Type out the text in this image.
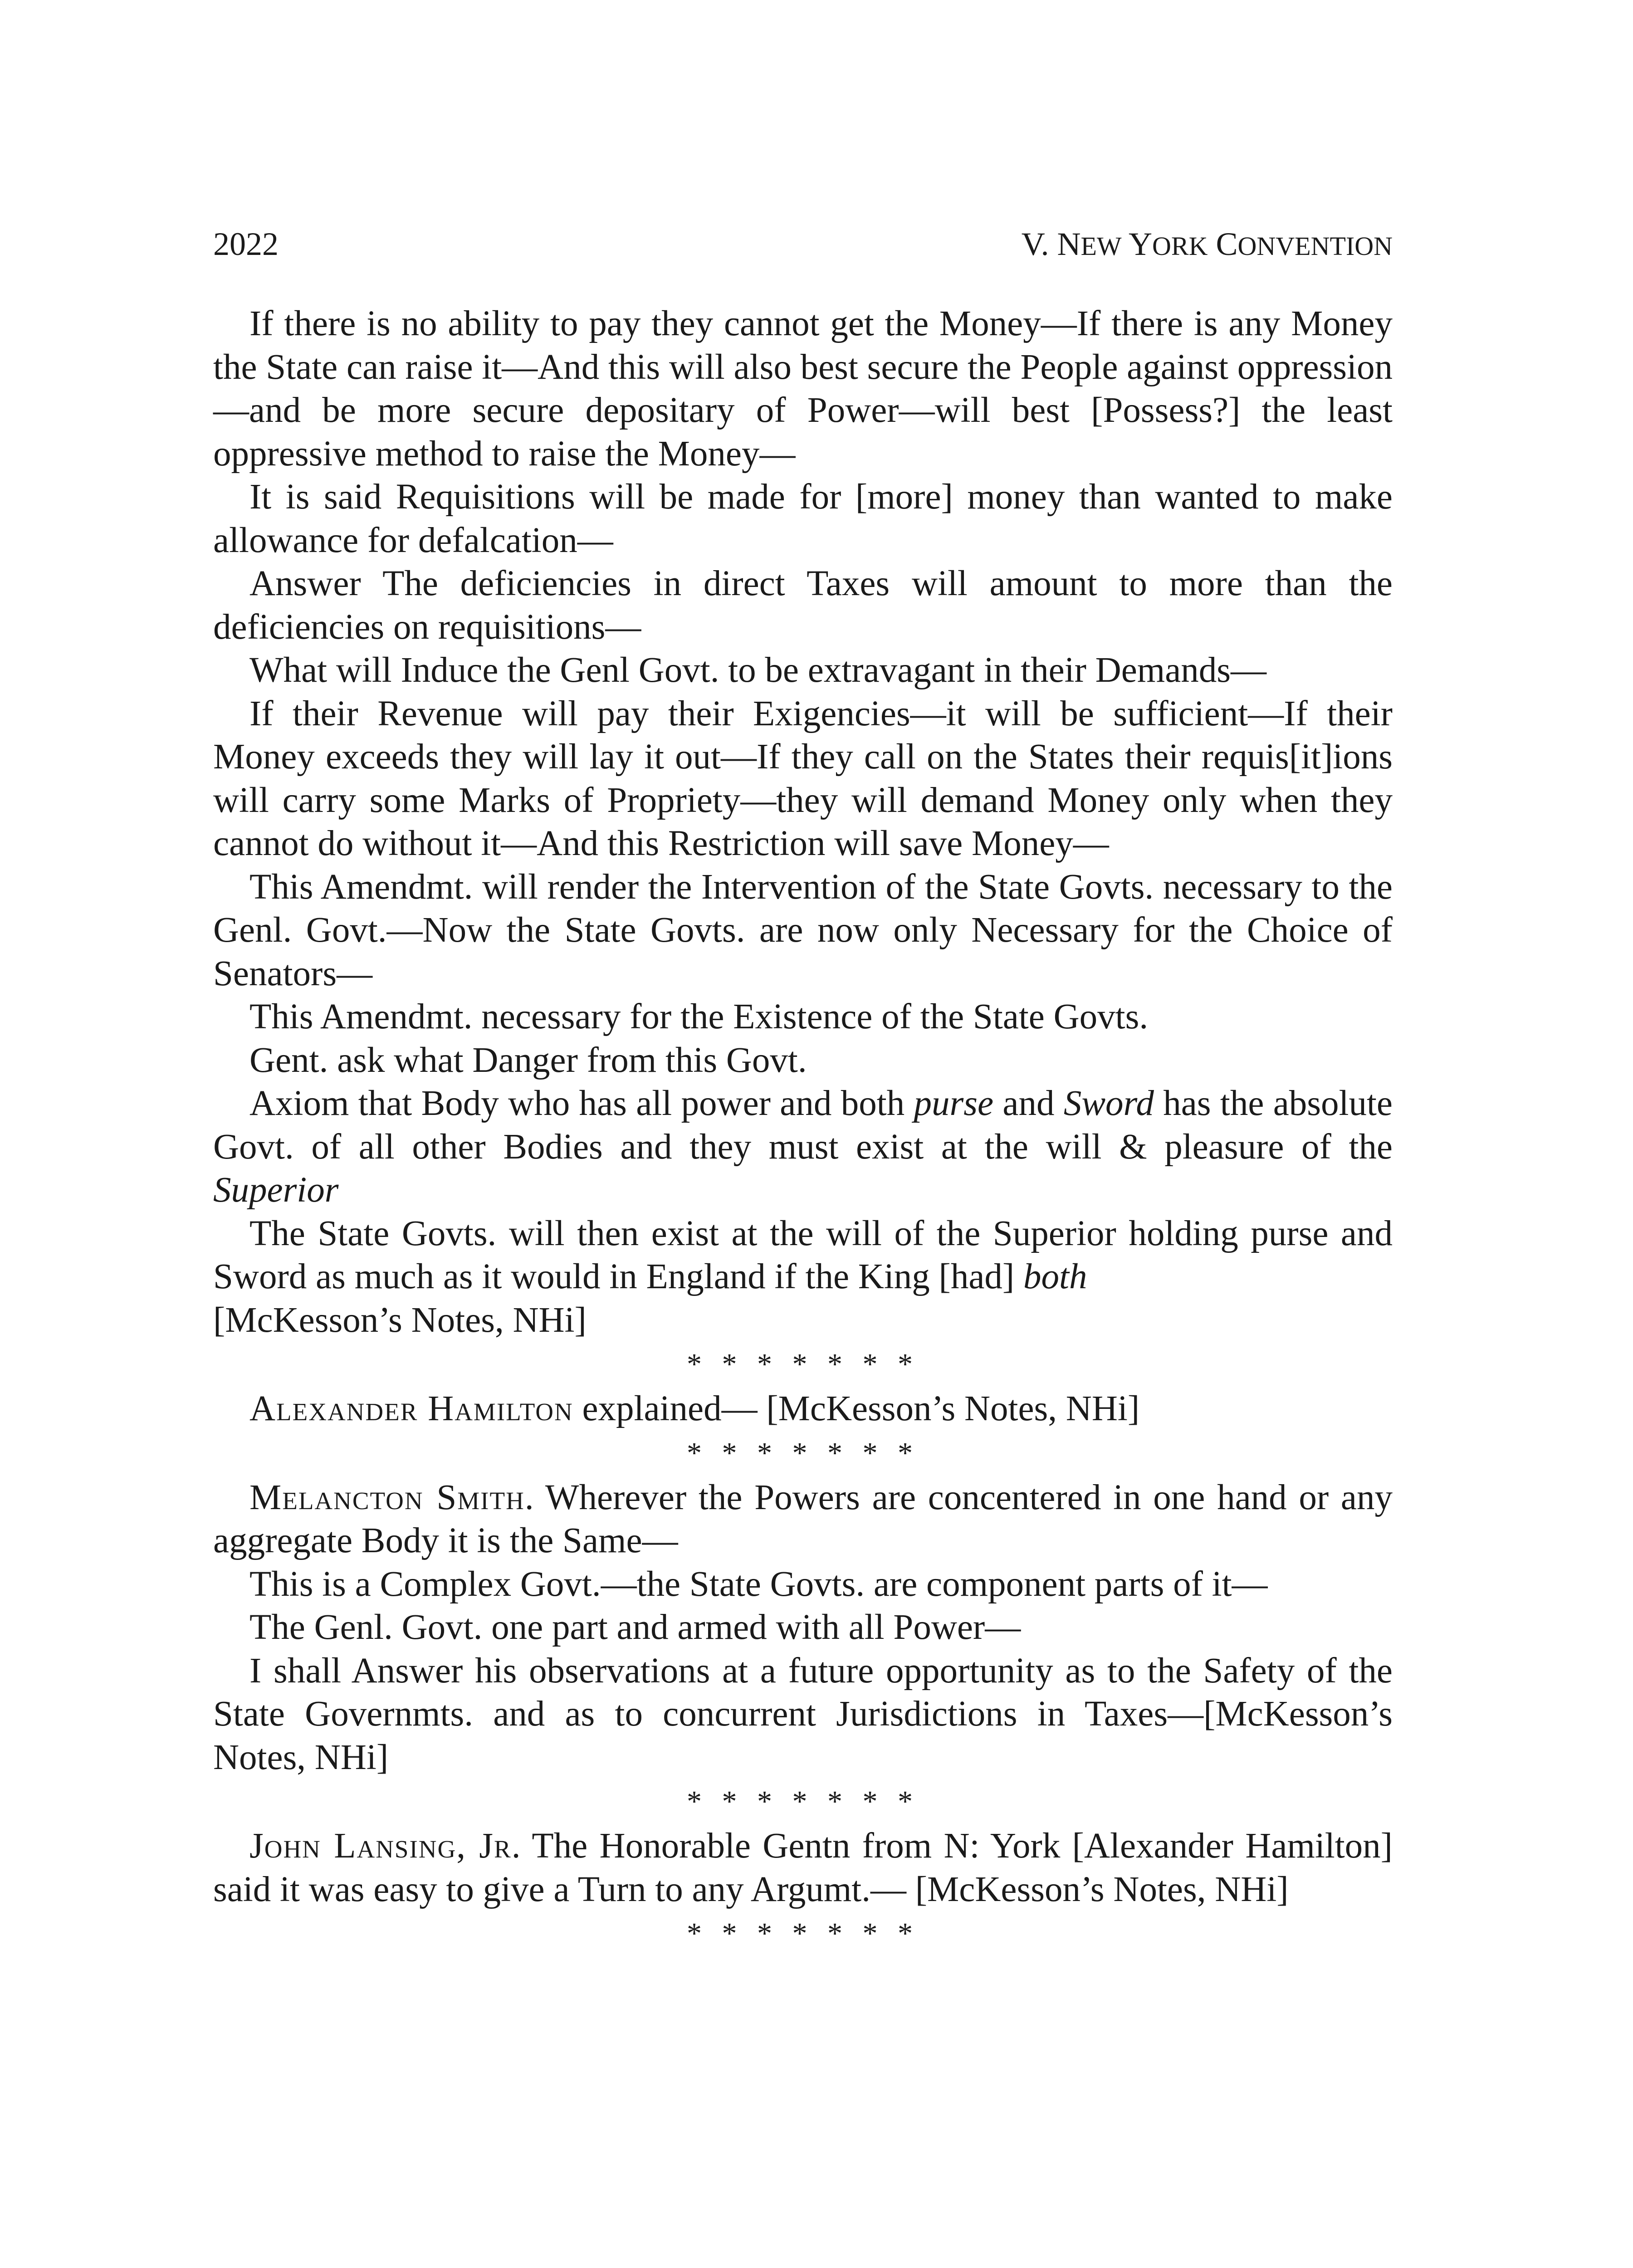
2022	V. NEW YORK CONVENTION

If there is no ability to pay they cannot get the Money—If there is any Money the State can raise it—And this will also best secure the People against oppression—and be more secure depositary of Power—will best [Possess?] the least oppressive method to raise the Money—

It is said Requisitions will be made for [more] money than wanted to make allowance for defalcation—

Answer The deficiencies in direct Taxes will amount to more than the deficiencies on requisitions—

What will Induce the Genl Govt. to be extravagant in their Demands—

If their Revenue will pay their Exigencies—it will be sufficient—If their Money exceeds they will lay it out—If they call on the States their requis[it]ions will carry some Marks of Propriety—they will demand Money only when they cannot do without it—And this Restriction will save Money—

This Amendmt. will render the Intervention of the State Govts. necessary to the Genl. Govt.—Now the State Govts. are now only Necessary for the Choice of Senators—

This Amendmt. necessary for the Existence of the State Govts.

Gent. ask what Danger from this Govt.

Axiom that Body who has all power and both purse and Sword has the absolute Govt. of all other Bodies and they must exist at the will & pleasure of the Superior

The State Govts. will then exist at the will of the Superior holding purse and Sword as much as it would in England if the King [had] both
[McKesson’s Notes, NHi]

* * * * * * *

Alexander Hamilton explained— [McKesson’s Notes, NHi]

* * * * * * *

Melancton Smith. Wherever the Powers are concentered in one hand or any aggregate Body it is the Same—

This is a Complex Govt.—the State Govts. are component parts of it—

The Genl. Govt. one part and armed with all Power—

I shall Answer his observations at a future opportunity as to the Safety of the State Governmts. and as to concurrent Jurisdictions in Taxes—[McKesson’s Notes, NHi]

* * * * * * *

John Lansing, Jr. The Honorable Gentn from N: York [Alexander Hamilton] said it was easy to give a Turn to any Argumt.— [McKesson’s Notes, NHi]

* * * * * * *
